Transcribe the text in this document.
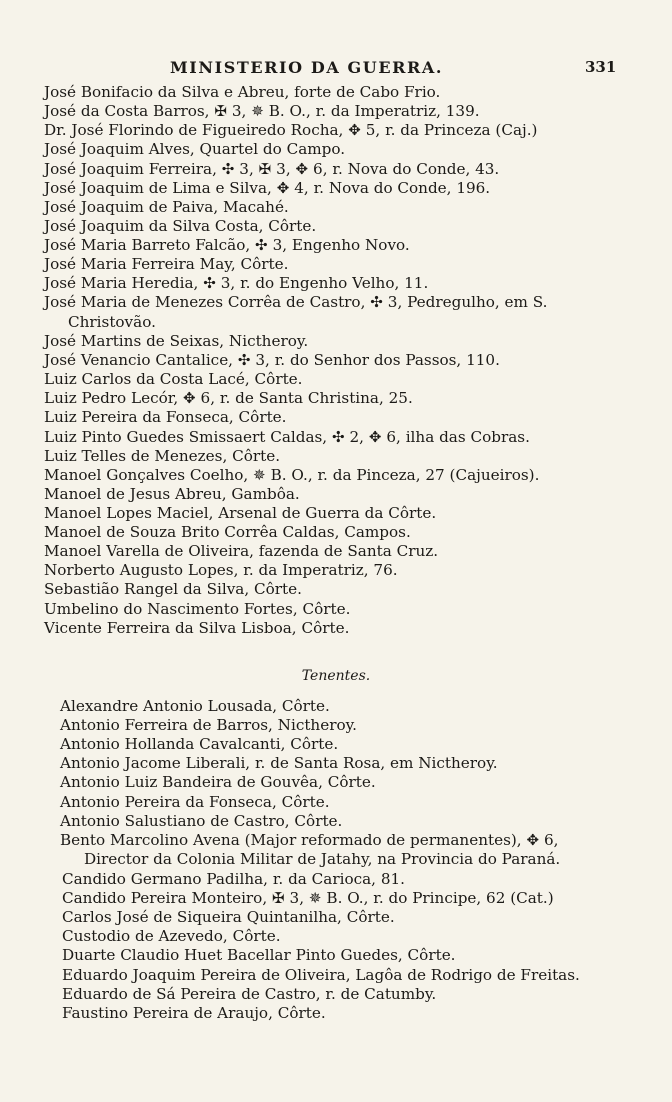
MINISTERIO DA GUERRA.	331
José Bonifacio da Silva e Abreu, forte de Cabo Frio.
José da Costa Barros, ✠ 3, ✵ B. O., r. da Imperatriz, 139.
Dr. José Florindo de Figueiredo Rocha, ✥ 5, r. da Princeza (Caj.)
José Joaquim Alves, Quartel do Campo.
José Joaquim Ferreira, ✣ 3, ✠ 3, ✥ 6, r. Nova do Conde, 43.
José Joaquim de Lima e Silva, ✥ 4, r. Nova do Conde, 196.
José Joaquim de Paiva, Macahé.
José Joaquim da Silva Costa, Côrte.
José Maria Barreto Falcão, ✣ 3, Engenho Novo.
José Maria Ferreira May, Côrte.
José Maria Heredia, ✣ 3, r. do Engenho Velho, 11.
José Maria de Menezes Corrêa de Castro, ✣ 3, Pedregulho, em S.
Christovão.
José Martins de Seixas, Nictheroy.
José Venancio Cantalice, ✣ 3, r. do Senhor dos Passos, 110.
Luiz Carlos da Costa Lacé, Côrte.
Luiz Pedro Lecór, ✥ 6, r. de Santa Christina, 25.
Luiz Pereira da Fonseca, Côrte.
Luiz Pinto Guedes Smissaert Caldas, ✣ 2, ✥ 6, ilha das Cobras.
Luiz Telles de Menezes, Côrte.
Manoel Gonçalves Coelho, ✵ B. O., r. da Pinceza, 27 (Cajueiros).
Manoel de Jesus Abreu, Gambôa.
Manoel Lopes Maciel, Arsenal de Guerra da Côrte.
Manoel de Souza Brito Corrêa Caldas, Campos.
Manoel Varella de Oliveira, fazenda de Santa Cruz.
Norberto Augusto Lopes, r. da Imperatriz, 76.
Sebastião Rangel da Silva, Côrte.
Umbelino do Nascimento Fortes, Côrte.
Vicente Ferreira da Silva Lisboa, Côrte.
Tenentes.
Alexandre Antonio Lousada, Côrte.
Antonio Ferreira de Barros, Nictheroy.
Antonio Hollanda Cavalcanti, Côrte.
Antonio Jacome Liberali, r. de Santa Rosa, em Nictheroy.
Antonio Luiz Bandeira de Gouvêa, Côrte.
Antonio Pereira da Fonseca, Côrte.
Antonio Salustiano de Castro, Côrte.
Bento Marcolino Avena (Major reformado de permanentes), ✥ 6,
Director da Colonia Militar de Jatahy, na Provincia do Paraná.
Candido Germano Padilha, r. da Carioca, 81.
Candido Pereira Monteiro, ✠ 3, ✵ B. O., r. do Principe, 62 (Cat.)
Carlos José de Siqueira Quintanilha, Côrte.
Custodio de Azevedo, Côrte.
Duarte Claudio Huet Bacellar Pinto Guedes, Côrte.
Eduardo Joaquim Pereira de Oliveira, Lagôa de Rodrigo de Freitas.
Eduardo de Sá Pereira de Castro, r. de Catumby.
Faustino Pereira de Araujo, Côrte.
